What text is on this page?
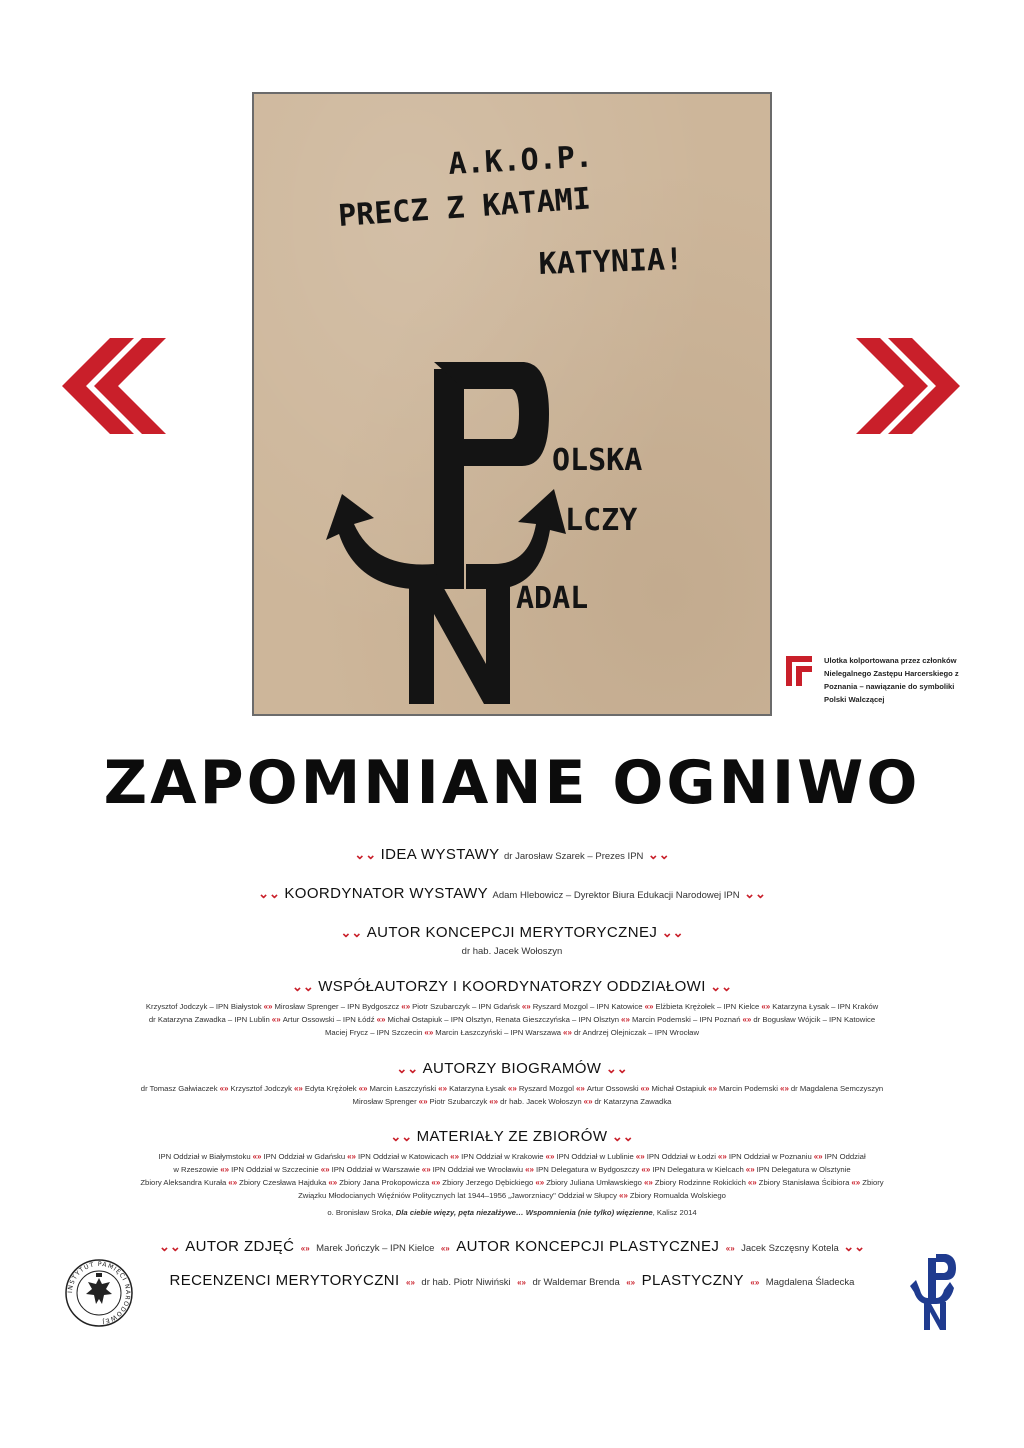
A.K.O.P.
PRECZ Z KATAMI
KATYNIA!
OLSKA
ALCZY
ADAL
Ulotka kolportowana przez członków Nielegalnego Zastępu Harcerskiego z Poznania – nawiązanie do symboliki Polski Walczącej
ZAPOMNIANE OGNIWO
⌄⌄ IDEA WYSTAWY dr Jarosław Szarek – Prezes IPN ⌄⌄
⌄⌄ KOORDYNATOR WYSTAWY Adam Hlebowicz – Dyrektor Biura Edukacji Narodowej IPN ⌄⌄
⌄⌄ AUTOR KONCEPCJI MERYTORYCZNEJ ⌄⌄
dr hab. Jacek Wołoszyn
⌄⌄ WSPÓŁAUTORZY I KOORDYNATORZY ODDZIAŁOWI ⌄⌄
Krzysztof Jodczyk – IPN Białystok «» Mirosław Sprenger – IPN Bydgoszcz «» Piotr Szubarczyk – IPN Gdańsk «» Ryszard Mozgol – IPN Katowice «» Elżbieta Krężołek – IPN Kielce «» Katarzyna Łysak – IPN Kraków
dr Katarzyna Zawadka – IPN Lublin «» Artur Ossowski – IPN Łódź «» Michał Ostapiuk – IPN Olsztyn, Renata Gieszczyńska – IPN Olsztyn «» Marcin Podemski – IPN Poznań «» dr Bogusław Wójcik – IPN Katowice
Maciej Frycz – IPN Szczecin «» Marcin Łaszczyński – IPN Warszawa «» dr Andrzej Olejniczak – IPN Wrocław
⌄⌄ AUTORZY BIOGRAMÓW ⌄⌄
dr Tomasz Gałwiaczek «» Krzysztof Jodczyk «» Edyta Krężołek «» Marcin Łaszczyński «» Katarzyna Łysak «» Ryszard Mozgol «» Artur Ossowski «» Michał Ostapiuk «» Marcin Podemski «» dr Magdalena Semczyszyn
Mirosław Sprenger «» Piotr Szubarczyk «» dr hab. Jacek Wołoszyn «» dr Katarzyna Zawadka
⌄⌄ MATERIAŁY ZE ZBIORÓW ⌄⌄
IPN Oddział w Białymstoku «» IPN Oddział w Gdańsku «» IPN Oddział w Katowicach «» IPN Oddział w Krakowie «» IPN Oddział w Lublinie «» IPN Oddział w Łodzi «» IPN Oddział w Poznaniu «» IPN Oddział
w Rzeszowie «» IPN Oddział w Szczecinie «» IPN Oddział w Warszawie «» IPN Oddział we Wrocławiu «» IPN Delegatura w Bydgoszczy «» IPN Delegatura w Kielcach «» IPN Delegatura w Olsztynie
Zbiory Aleksandra Kurała «» Zbiory Czesława Hajduka «» Zbiory Jana Prokopowicza «» Zbiory Jerzego Dębickiego «» Zbiory Juliana Umławskiego «» Zbiory Rodzinne Rokickich «» Zbiory Stanisława Ścibiora «» Zbiory
Związku Młodocianych Więźniów Politycznych lat 1944–1956 „Jaworzniacy" Oddział w Słupcy «» Zbiory Romualda Wolskiego
o. Bronisław Sroka, Dla ciebie więzy, pęta niezałżywe… Wspomnienia (nie tylko) więzienne, Kalisz 2014
⌄⌄ AUTOR ZDJĘĆ «» Marek Jończyk – IPN Kielce «» AUTOR KONCEPCJI PLASTYCZNEJ «» Jacek Szczęsny Kotela ⌄⌄
RECENZENCI MERYTORYCZNI «» dr hab. Piotr Niwiński «» dr Waldemar Brenda «» PLASTYCZNY «» Magdalena Śladecka
INSTYTUT PAMIĘCI NARODOWEJ
